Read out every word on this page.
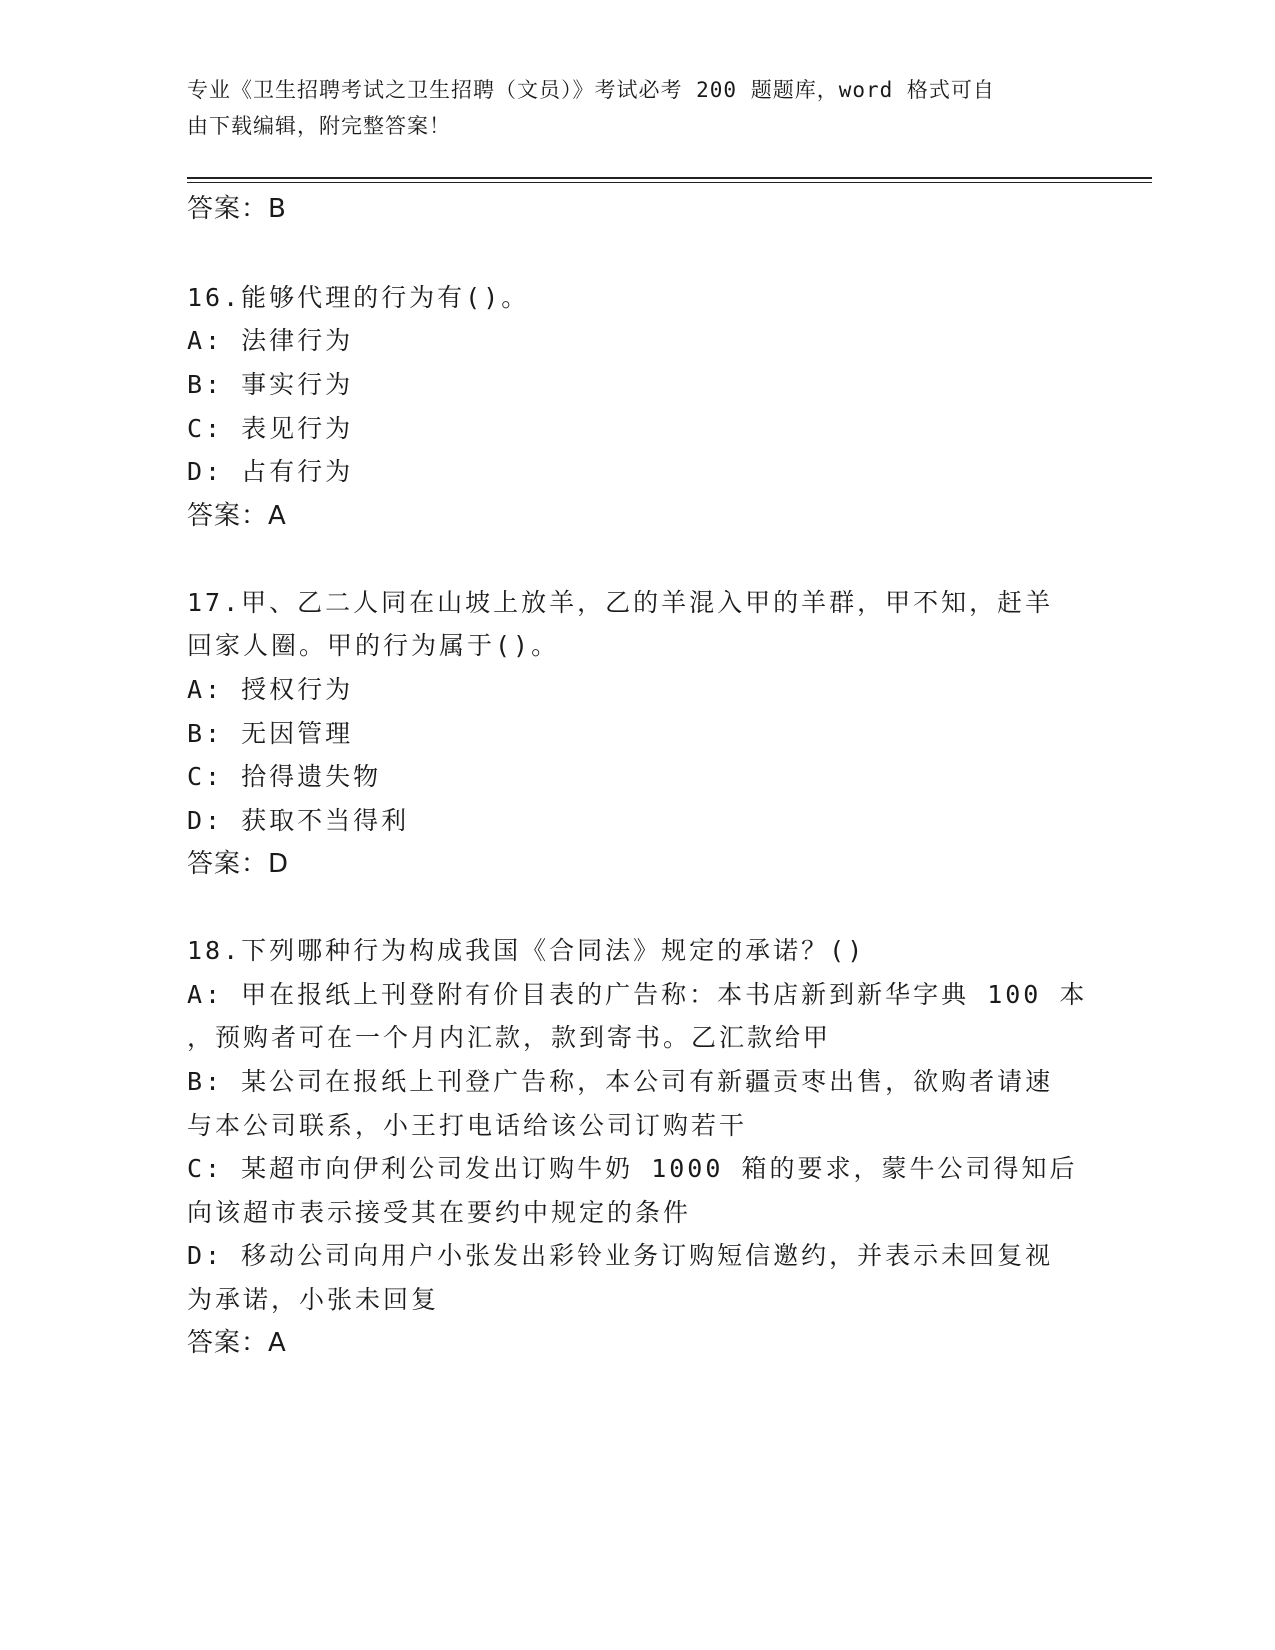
专业《卫生招聘考试之卫生招聘（文员）》考试必考 200 题题库，word 格式可自
由下载编辑，附完整答案！
答案：B
16.能够代理的行为有()。
A: 法律行为
B: 事实行为
C: 表见行为
D: 占有行为
答案：A
17.甲、乙二人同在山坡上放羊，乙的羊混入甲的羊群，甲不知，赶羊
回家人圈。甲的行为属于()。
A: 授权行为
B: 无因管理
C: 拾得遗失物
D: 获取不当得利
答案：D
18.下列哪种行为构成我国《合同法》规定的承诺？()
A: 甲在报纸上刊登附有价目表的广告称：本书店新到新华字典 100 本
，预购者可在一个月内汇款，款到寄书。乙汇款给甲
B: 某公司在报纸上刊登广告称，本公司有新疆贡枣出售，欲购者请速
与本公司联系，小王打电话给该公司订购若干
C: 某超市向伊利公司发出订购牛奶 1000 箱的要求，蒙牛公司得知后
向该超市表示接受其在要约中规定的条件
D: 移动公司向用户小张发出彩铃业务订购短信邀约，并表示未回复视
为承诺，小张未回复
答案：A
